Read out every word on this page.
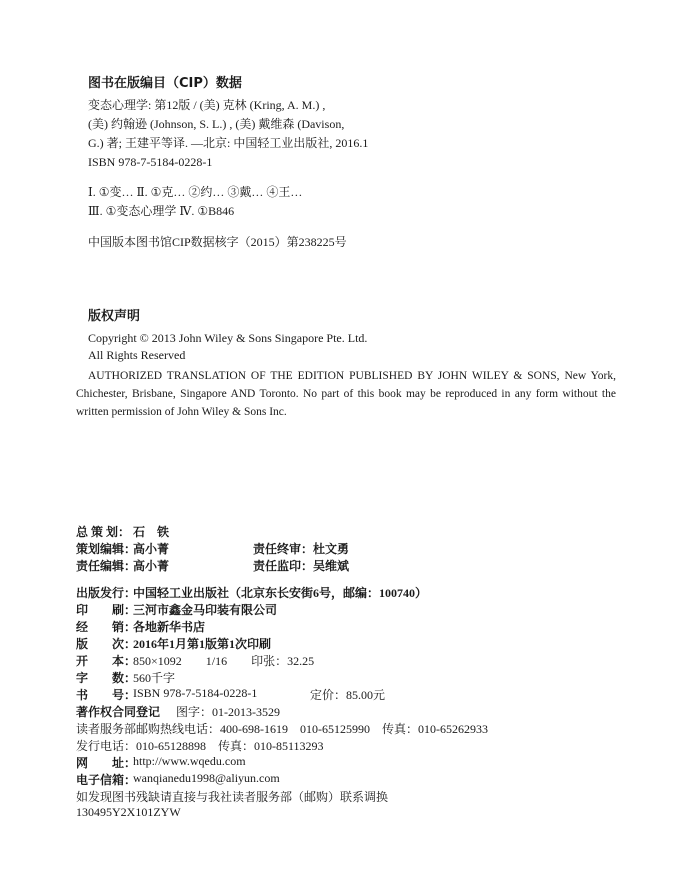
图书在版编目（CIP）数据
变态心理学: 第12版 / (美) 克林 (Kring, A. M.) ,
(美) 约翰逊 (Johnson, S. L.) , (美) 戴维森 (Davison,
G.) 著; 王建平等译. —北京: 中国轻工业出版社, 2016.1
ISBN 978-7-5184-0228-1
Ⅰ. ①变… Ⅱ. ①克… ②约… ③戴… ④王…
Ⅲ. ①变态心理学 Ⅳ. ①B846
中国版本图书馆CIP数据核字（2015）第238225号
版权声明
Copyright © 2013 John Wiley & Sons Singapore Pte. Ltd.
All Rights Reserved
AUTHORIZED TRANSLATION OF THE EDITION PUBLISHED BY JOHN WILEY & SONS, New York, Chichester, Brisbane, Singapore AND Toronto. No part of this book may be reproduced in any form without the written permission of John Wiley & Sons Inc.
总 策 划： 石　铁
策划编辑：
高小菁	责任终审： 杜文勇
责任编辑：
高小菁	责任监印： 吴维斌
出版发行：
中国轻工业出版社（北京东长安街6号，邮编：100740）
印　　刷：
三河市鑫金马印装有限公司
经　　销：
各地新华书店
版　　次：
2016年1月第1版第1次印刷
开　　本：
850×1092　　1/16　　印张：32.25
字　　数：
560千字
书　　号：
ISBN 978-7-5184-0228-1	定价：85.00元
著作权合同登记 图字：01-2013-3529
读者服务部邮购热线电话：400-698-1619　010-65125990　传真：010-65262933
发行电话：010-65128898　传真：010-85113293
网　　址：
http://www.wqedu.com
电子信箱：
wanqianedu1998@aliyun.com
如发现图书残缺请直接与我社读者服务部（邮购）联系调换
130495Y2X101ZYW
